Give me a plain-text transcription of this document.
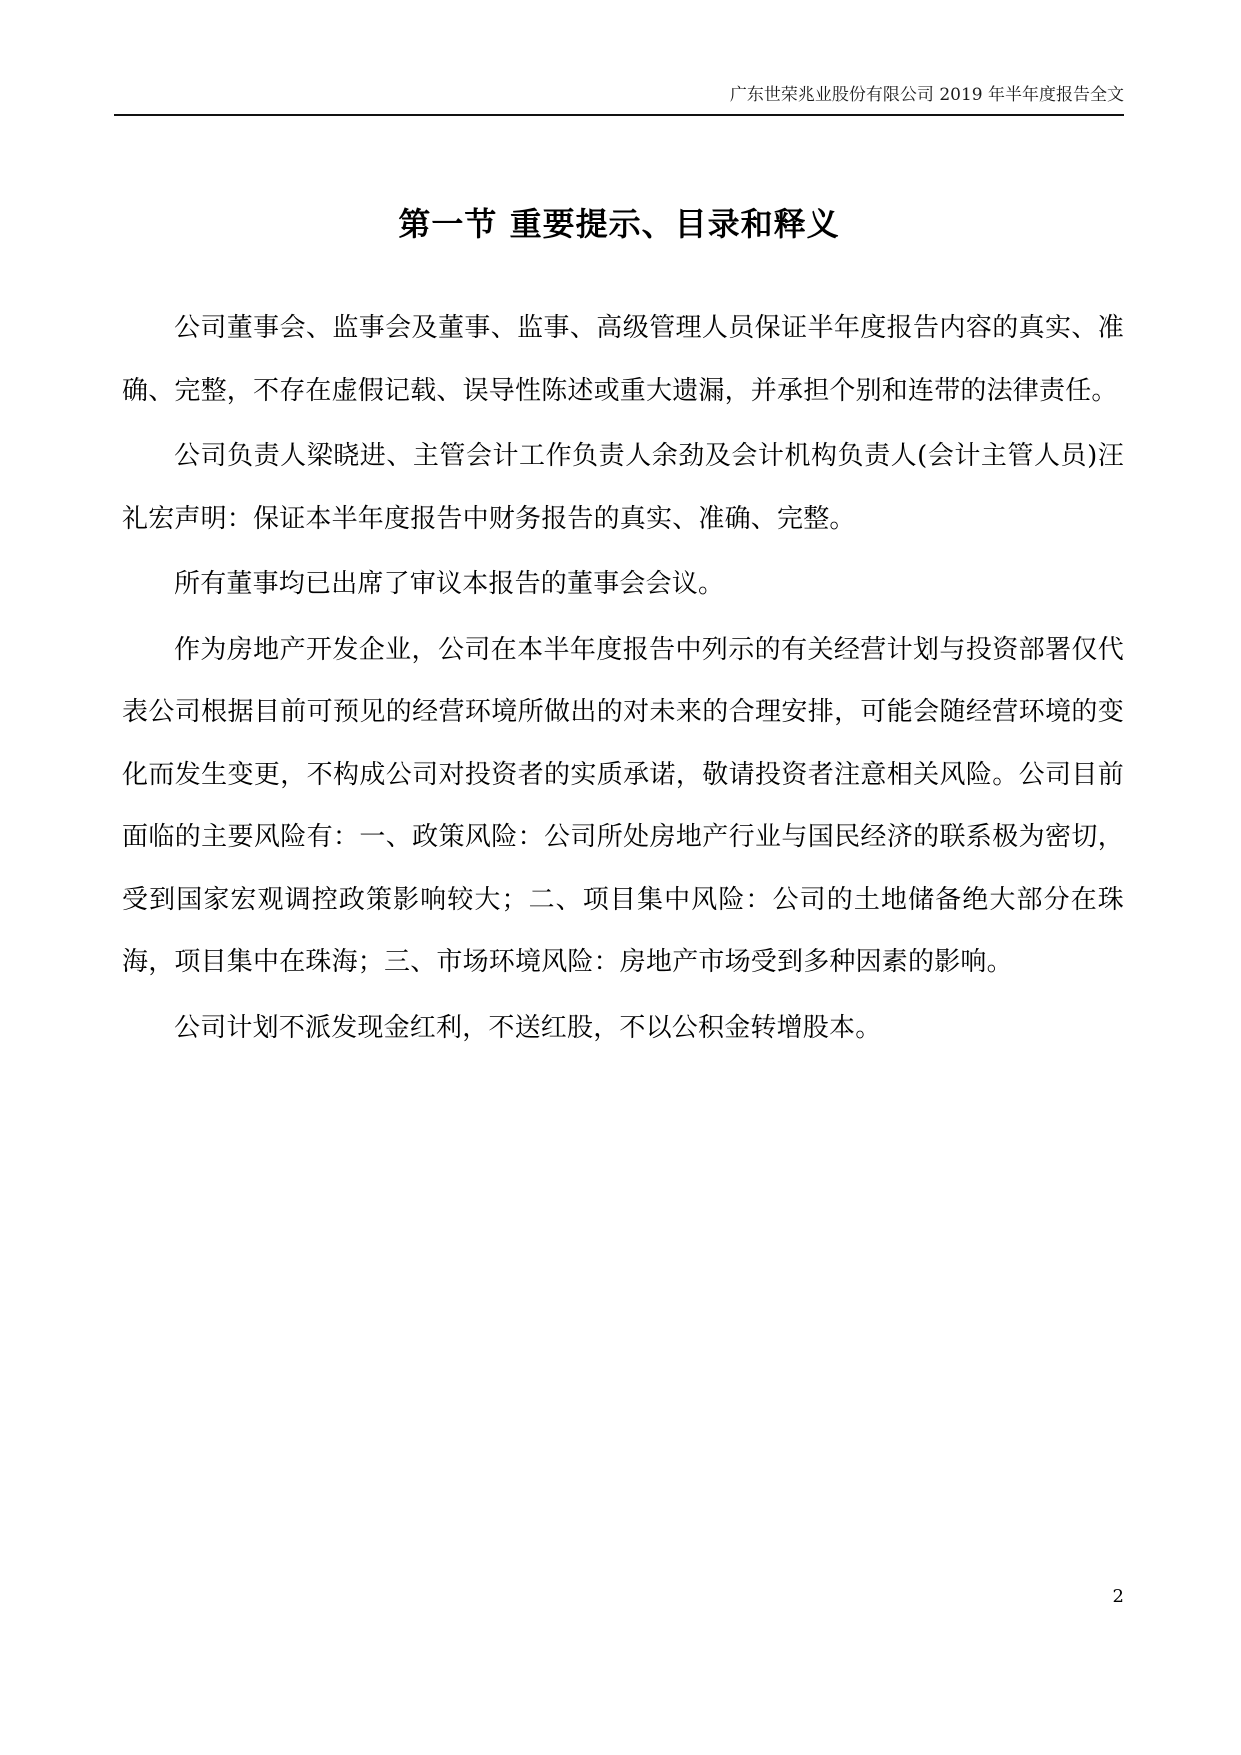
广东世荣兆业股份有限公司 2019 年半年度报告全文
第一节 重要提示、目录和释义

公司董事会、监事会及董事、监事、高级管理人员保证半年度报告内容的真实、准确、完整，不存在虚假记载、误导性陈述或重大遗漏，并承担个别和连带的法律责任。

公司负责人梁晓进、主管会计工作负责人余劲及会计机构负责人(会计主管人员)汪礼宏声明：保证本半年度报告中财务报告的真实、准确、完整。

所有董事均已出席了审议本报告的董事会会议。

作为房地产开发企业，公司在本半年度报告中列示的有关经营计划与投资部署仅代表公司根据目前可预见的经营环境所做出的对未来的合理安排，可能会随经营环境的变化而发生变更，不构成公司对投资者的实质承诺，敬请投资者注意相关风险。公司目前面临的主要风险有：一、政策风险：公司所处房地产行业与国民经济的联系极为密切，受到国家宏观调控政策影响较大；二、项目集中风险：公司的土地储备绝大部分在珠海，项目集中在珠海；三、市场环境风险：房地产市场受到多种因素的影响。

公司计划不派发现金红利，不送红股，不以公积金转增股本。

2
